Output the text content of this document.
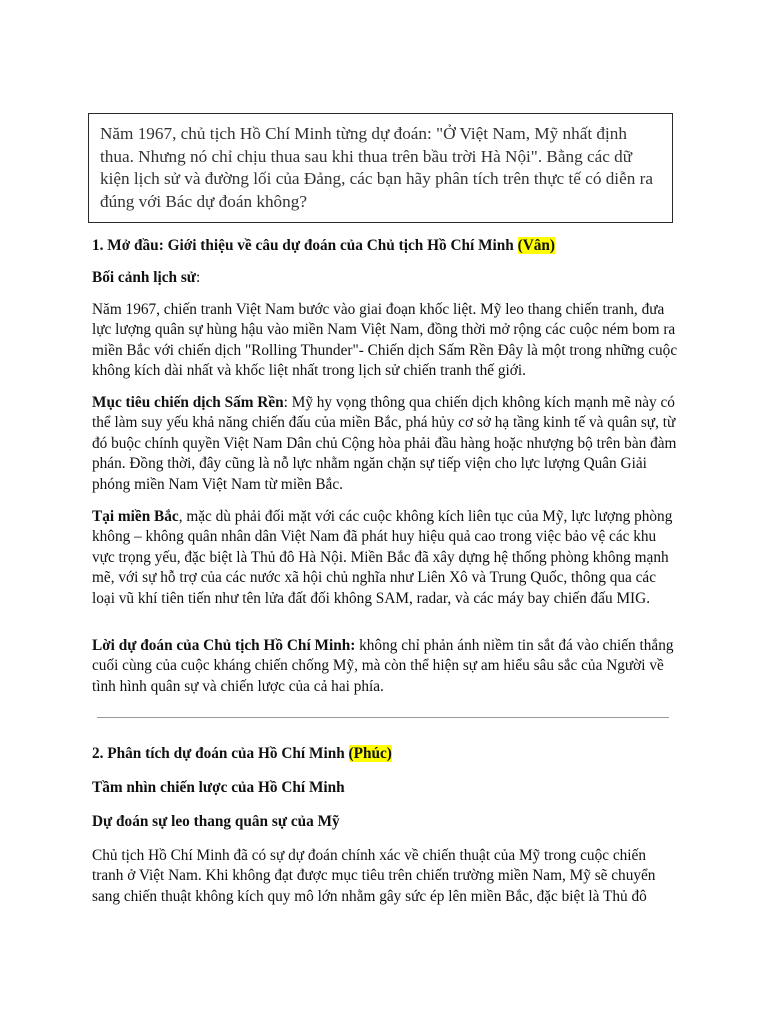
Năm 1967, chủ tịch Hồ Chí Minh từng dự đoán: "Ở Việt Nam, Mỹ nhất định thua. Nhưng nó chỉ chịu thua sau khi thua trên bầu trời Hà Nội". Bằng các dữ kiện lịch sử và đường lối của Đảng, các bạn hãy phân tích trên thực tế có diễn ra đúng với Bác dự đoán không?
1. Mở đầu: Giới thiệu về câu dự đoán của Chủ tịch Hồ Chí Minh (Vân)
Bối cảnh lịch sử:
Năm 1967, chiến tranh Việt Nam bước vào giai đoạn khốc liệt. Mỹ leo thang chiến tranh, đưa lực lượng quân sự hùng hậu vào miền Nam Việt Nam, đồng thời mở rộng các cuộc ném bom ra miền Bắc với chiến dịch "Rolling Thunder"- Chiến dịch Sấm Rền Đây là một trong những cuộc không kích dài nhất và khốc liệt nhất trong lịch sử chiến tranh thế giới.
Mục tiêu chiến dịch Sấm Rền: Mỹ hy vọng thông qua chiến dịch không kích mạnh mẽ này có thể làm suy yếu khả năng chiến đấu của miền Bắc, phá hủy cơ sở hạ tầng kinh tế và quân sự, từ đó buộc chính quyền Việt Nam Dân chủ Cộng hòa phải đầu hàng hoặc nhượng bộ trên bàn đàm phán. Đồng thời, đây cũng là nỗ lực nhằm ngăn chặn sự tiếp viện cho lực lượng Quân Giải phóng miền Nam Việt Nam từ miền Bắc.
Tại miền Bắc, mặc dù phải đối mặt với các cuộc không kích liên tục của Mỹ, lực lượng phòng không – không quân nhân dân Việt Nam đã phát huy hiệu quả cao trong việc bảo vệ các khu vực trọng yếu, đặc biệt là Thủ đô Hà Nội. Miền Bắc đã xây dựng hệ thống phòng không mạnh mẽ, với sự hỗ trợ của các nước xã hội chủ nghĩa như Liên Xô và Trung Quốc, thông qua các loại vũ khí tiên tiến như tên lửa đất đối không SAM, radar, và các máy bay chiến đấu MIG.
Lời dự đoán của Chủ tịch Hồ Chí Minh: không chỉ phản ánh niềm tin sắt đá vào chiến thắng cuối cùng của cuộc kháng chiến chống Mỹ, mà còn thể hiện sự am hiểu sâu sắc của Người về tình hình quân sự và chiến lược của cả hai phía.
2. Phân tích dự đoán của Hồ Chí Minh (Phúc)
Tầm nhìn chiến lược của Hồ Chí Minh
Dự đoán sự leo thang quân sự của Mỹ
Chủ tịch Hồ Chí Minh đã có sự dự đoán chính xác về chiến thuật của Mỹ trong cuộc chiến tranh ở Việt Nam. Khi không đạt được mục tiêu trên chiến trường miền Nam, Mỹ sẽ chuyển sang chiến thuật không kích quy mô lớn nhằm gây sức ép lên miền Bắc, đặc biệt là Thủ đô
